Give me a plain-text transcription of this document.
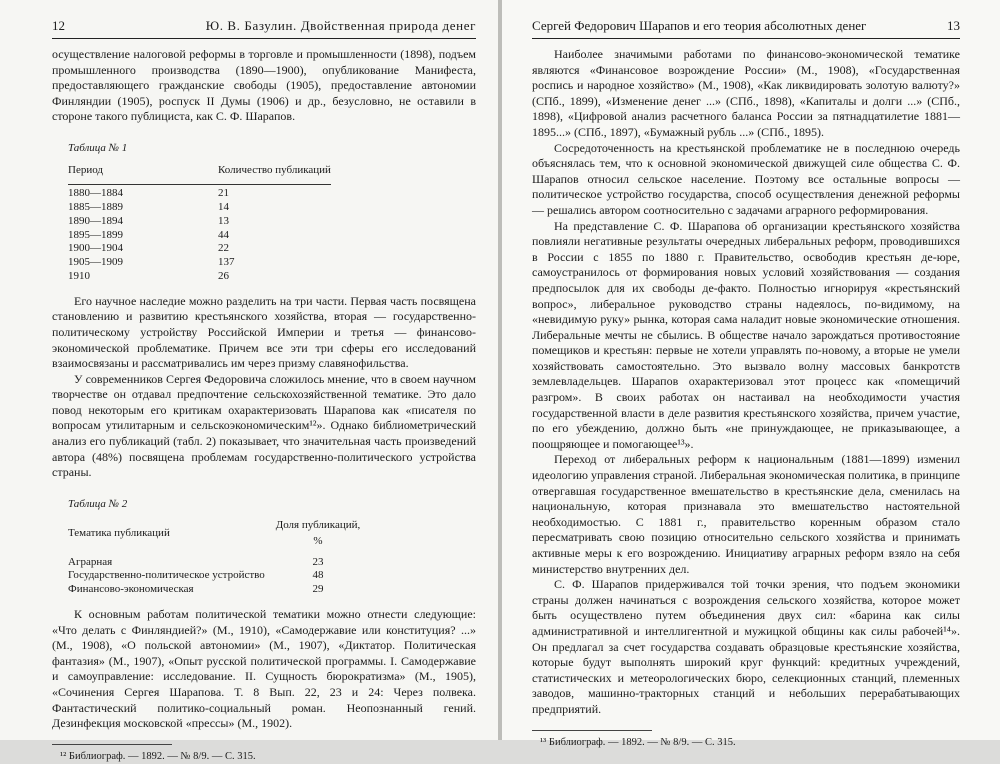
12	Ю. В. Базулин. Двойственная природа денег

осуществление налоговой реформы в торговле и промышленности (1898), подъем промышленного производства (1890—1900), опубликование Манифеста, предоставляющего гражданские свободы (1905), предоставление автономии Финляндии (1905), роспуск II Думы (1906) и др., безусловно, не оставили в стороне такого публициста, как С. Ф. Шарапов.

Таблица № 1
Период	Количество публикаций
1880—1884	21
1885—1889	14
1890—1894	13
1895—1899	44
1900—1904	22
1905—1909	137
1910	26

Его научное наследие можно разделить на три части. Первая часть посвящена становлению и развитию крестьянского хозяйства, вторая — государственно-политическому устройству Российской Империи и третья — финансово-экономической проблематике. Причем все эти три сферы его исследований взаимосвязаны и рассматривались им через призму славянофильства.

У современников Сергея Федоровича сложилось мнение, что в своем научном творчестве он отдавал предпочтение сельскохозяйственной тематике. Это дало повод некоторым его критикам охарактеризовать Шарапова как «писателя по вопросам утилитарным и сельскоэкономическим¹²». Однако библиометрический анализ его публикаций (табл. 2) показывает, что значительная часть произведений автора (48%) посвящена проблемам государственно-политического устройства страны.

Таблица № 2
Тематика публикаций	Доля публикаций, %
Аграрная	23
Государственно-политическое устройство	48
Финансово-экономическая	29

К основным работам политической тематики можно отнести следующие: «Что делать с Финляндией?» (М., 1910), «Самодержавие или конституция? ...» (М., 1908), «О польской автономии» (М., 1907), «Диктатор. Политическая фантазия» (М., 1907), «Опыт русской политической программы. I. Самодержавие и самоуправление: исследование. II. Сущность бюрократизма» (М., 1905), «Сочинения Сергея Шарапова. Т. 8 Вып. 22, 23 и 24: Через полвека. Фантастический политико-социальный роман. Неопознанный гений. Дезинфекция московской «прессы» (М., 1902).

¹² Библиограф. — 1892. — № 8/9. — С. 315.
Сергей Федорович Шарапов и его теория абсолютных денег	13

Наиболее значимыми работами по финансово-экономической тематике являются «Финансовое возрождение России» (М., 1908), «Государственная роспись и народное хозяйство» (М., 1908), «Как ликвидировать золотую валюту?» (СПб., 1899), «Изменение денег ...» (СПб., 1898), «Капиталы и долги ...» (СПб., 1898), «Цифровой анализ расчетного баланса России за пятнадцатилетие 1881—1895...» (СПб., 1897), «Бумажный рубль ...» (СПб., 1895).

Сосредоточенность на крестьянской проблематике не в последнюю очередь объяснялась тем, что к основной экономической движущей силе общества С. Ф. Шарапов относил сельское население. Поэтому все остальные вопросы — политическое устройство государства, способ осуществления денежной реформы — решались автором соотносительно с задачами аграрного реформирования.

На представление С. Ф. Шарапова об организации крестьянского хозяйства повлияли негативные результаты очередных либеральных реформ, проводившихся в России с 1855 по 1880 г. Правительство, освободив крестьян де-юре, самоустранилось от формирования новых условий хозяйствования — создания предпосылок для их свободы де-факто. Полностью игнорируя «крестьянский вопрос», либеральное руководство страны надеялось, по-видимому, на «невидимую руку» рынка, которая сама наладит новые экономические отношения. Либеральные мечты не сбылись. В обществе начало зарождаться противостояние помещиков и крестьян: первые не хотели управлять по-новому, а вторые не умели хозяйствовать самостоятельно. Это вызвало волну массовых банкротств землевладельцев. Шарапов охарактеризовал этот процесс как «помещичий разгром». В своих работах он настаивал на необходимости участия государственной власти в деле развития крестьянского хозяйства, причем участие, по его убеждению, должно быть «не принуждающее, не приказывающее, а поощряющее и помогающее¹³».

Переход от либеральных реформ к национальным (1881—1899) изменил идеологию управления страной. Либеральная экономическая политика, в принципе отвергавшая государственное вмешательство в крестьянские дела, сменилась на национальную, которая признавала это вмешательство настоятельной необходимостью. С 1881 г., правительство коренным образом стало пересматривать свою позицию относительно сельского хозяйства и принимать активные меры к его возрождению. Инициативу аграрных реформ взяло на себя министерство внутренних дел.

С. Ф. Шарапов придерживался той точки зрения, что подъем экономики страны должен начинаться с возрождения сельского хозяйства, которое может быть осуществлено путем объединения двух сил: «барина как силы административной и интеллигентной и мужицкой общины как силы рабочей¹⁴». Он предлагал за счет государства создавать образцовые крестьянские хозяйства, которые будут выполнять широкий круг функций: кредитных учреждений, статистических и метеорологических бюро, селекционных станций, племенных заводов, машинно-тракторных станций и небольших перерабатывающих предприятий.

¹³ Библиограф. — 1892. — № 8/9. — С. 315.
